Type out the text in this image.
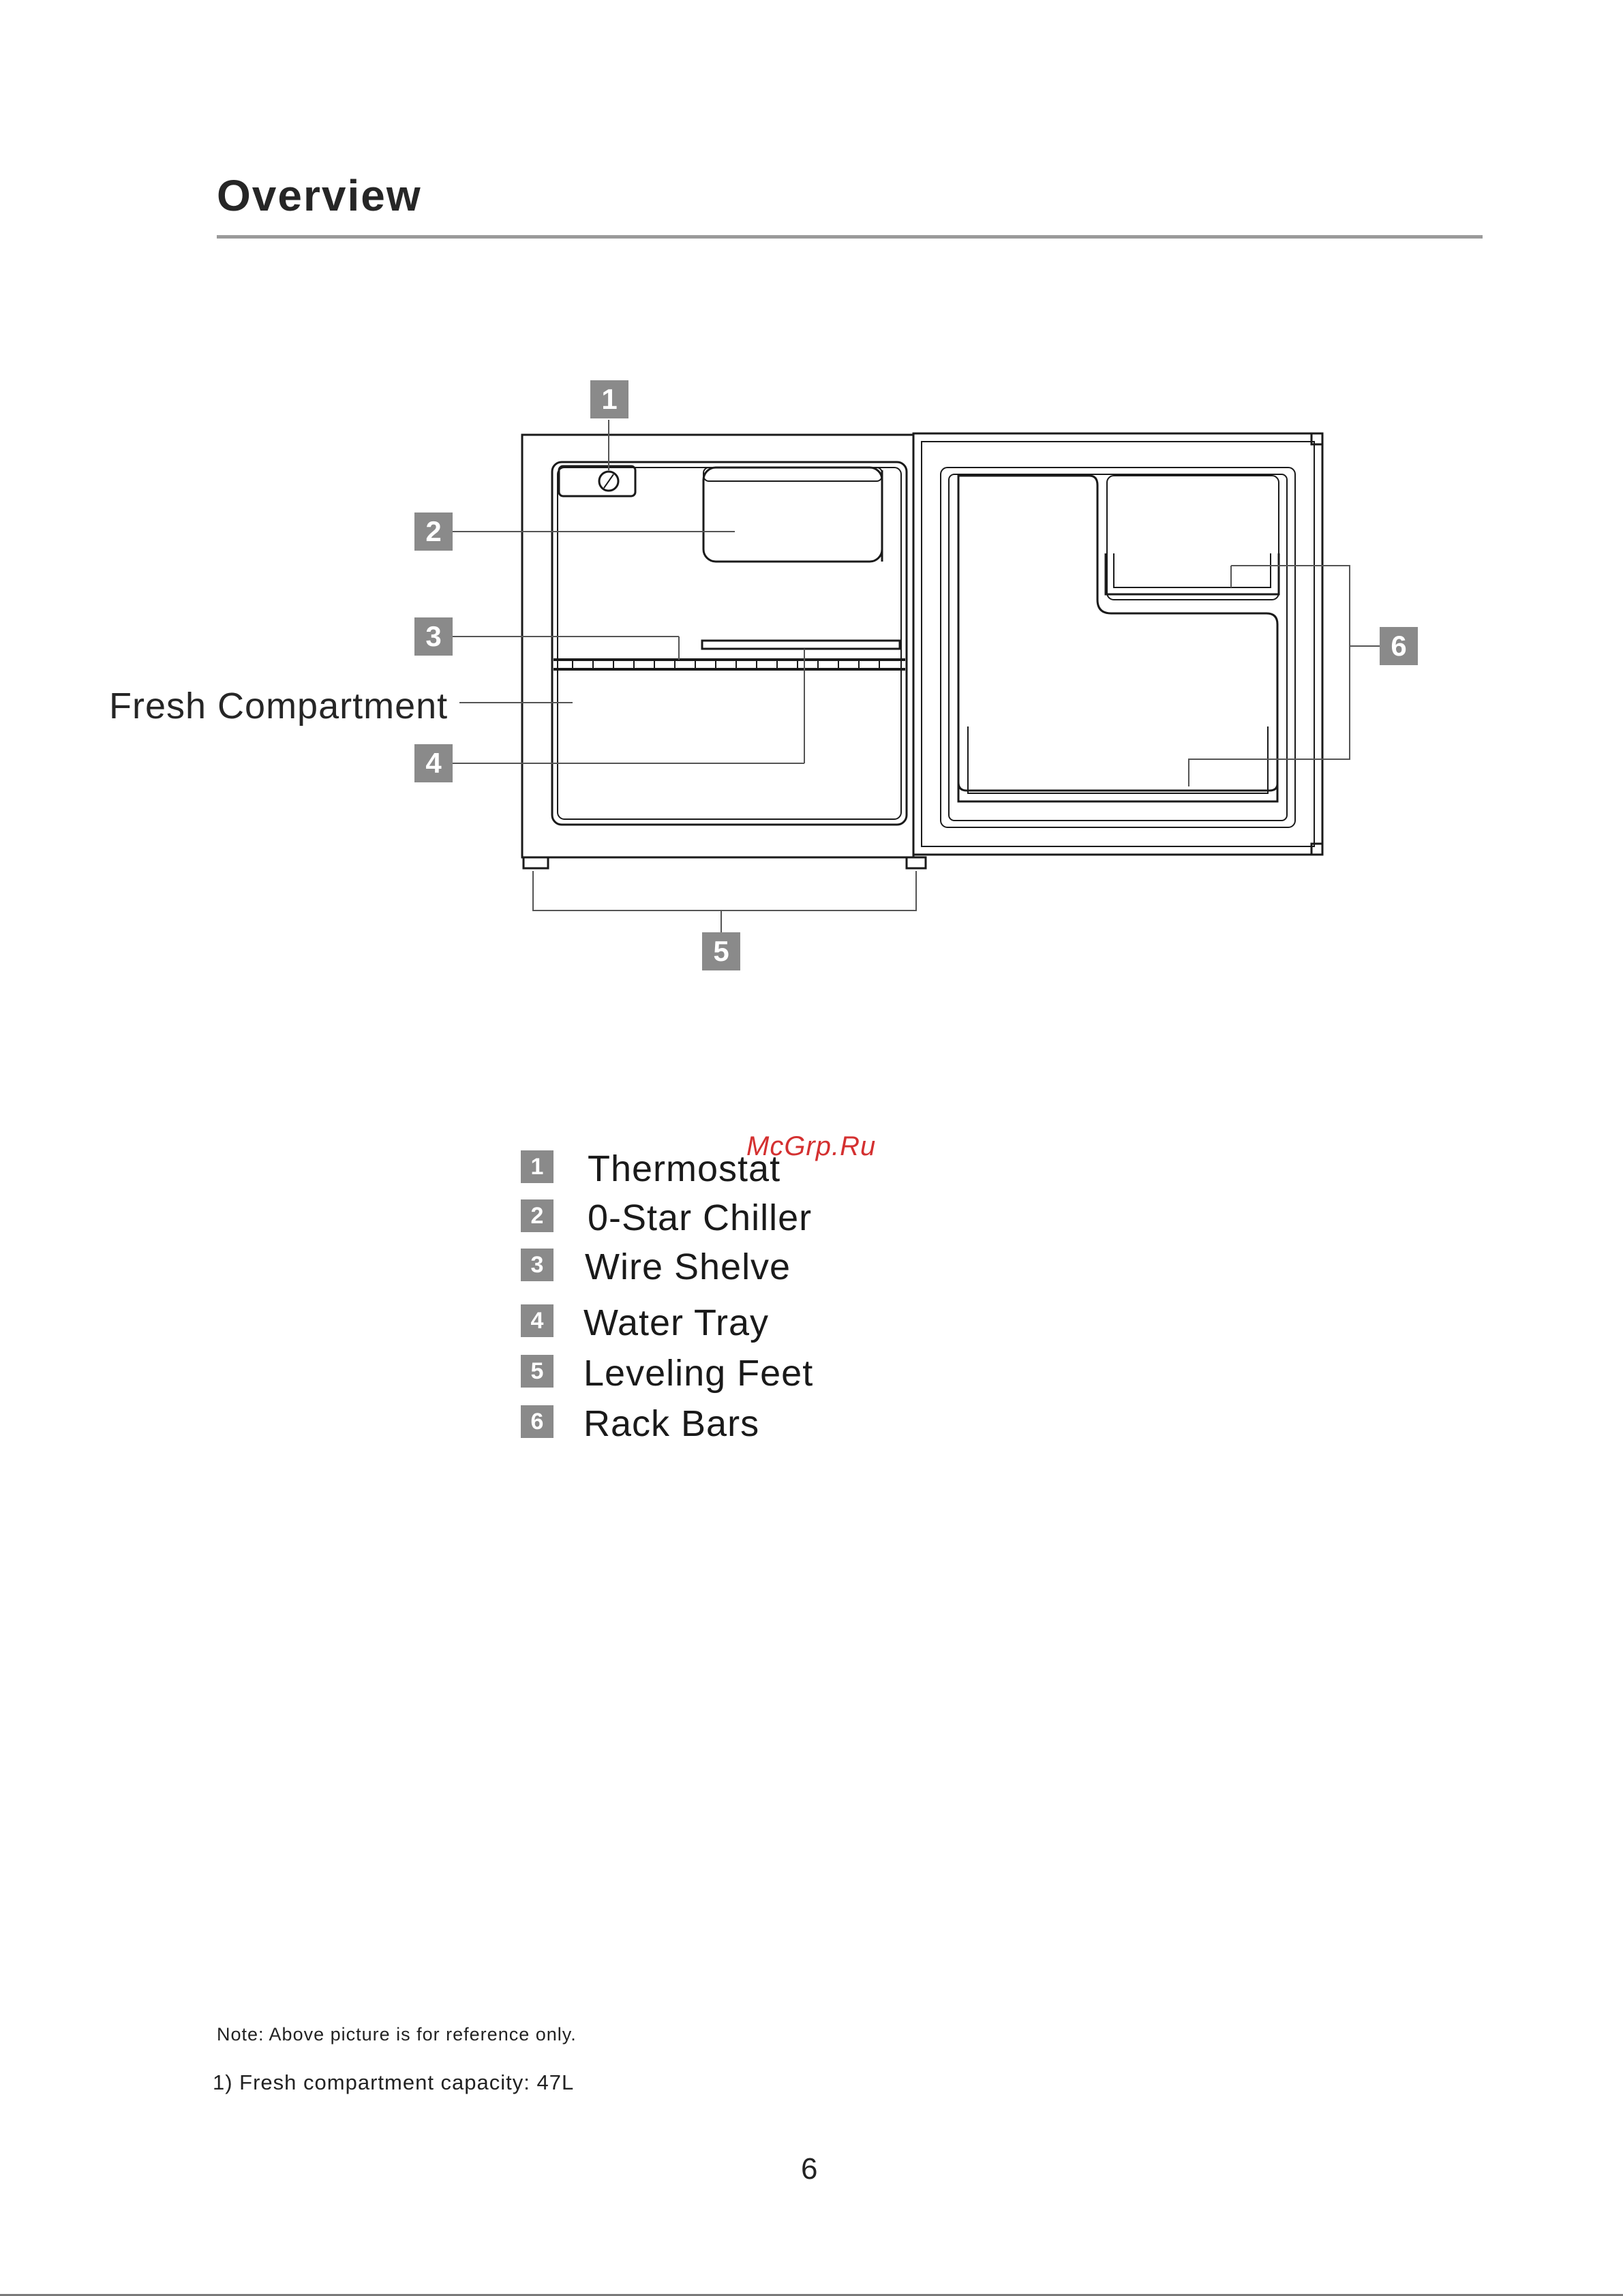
Overview
1
2
3
4
5
6
Fresh Compartment
1 Thermostat
2 0-Star Chiller
3 Wire Shelve
4 Water Tray
5 Leveling Feet
6 Rack Bars
McGrp.Ru
Note: Above picture is for reference only.
1) Fresh compartment capacity: 47L
6
